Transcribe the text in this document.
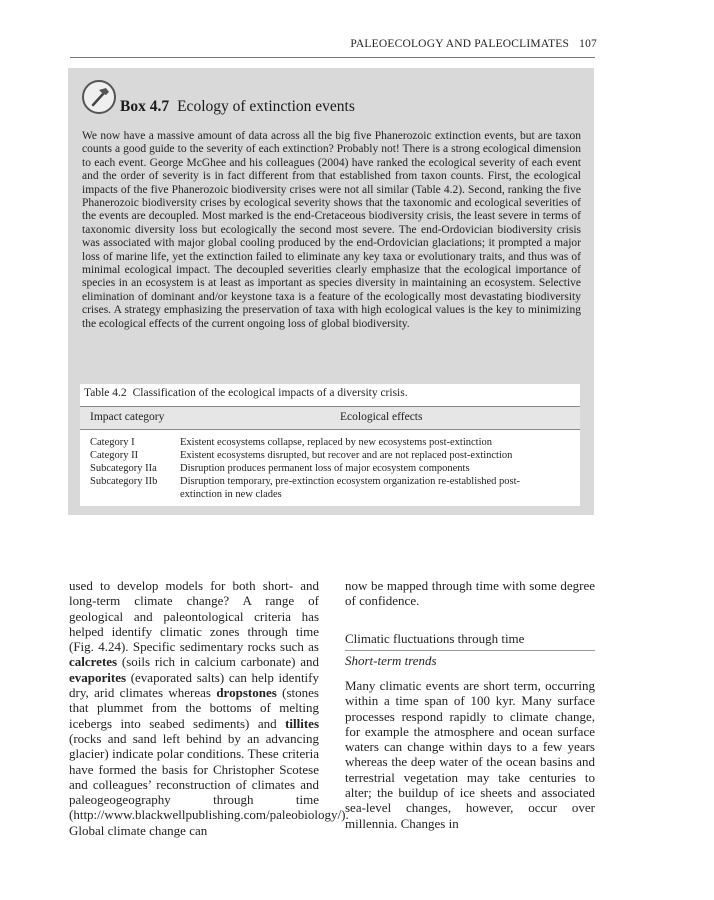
PALEOECOLOGY AND PALEOCLIMATES 107
Box 4.7 Ecology of extinction events

We now have a massive amount of data across all the big five Phanerozoic extinction events, but are taxon counts a good guide to the severity of each extinction? Probably not! There is a strong ecological dimension to each event. George McGhee and his colleagues (2004) have ranked the ecological severity of each event and the order of severity is in fact different from that established from taxon counts. First, the ecological impacts of the five Phanerozoic biodiversity crises were not all similar (Table 4.2). Second, ranking the five Phanerozoic biodiversity crises by ecological severity shows that the taxonomic and ecological severities of the events are decoupled. Most marked is the end-Cretaceous biodiversity crisis, the least severe in terms of taxonomic diversity loss but ecologically the second most severe. The end-Ordovician biodiversity crisis was associated with major global cooling produced by the end-Ordovician glaciations; it prompted a major loss of marine life, yet the extinction failed to eliminate any key taxa or evolutionary traits, and thus was of minimal ecological impact. The decoupled severities clearly emphasize that the ecological importance of species in an ecosystem is at least as important as species diversity in maintaining an ecosystem. Selective elimination of dominant and/or keystone taxa is a feature of the ecologically most devastating biodiversity crises. A strategy emphasizing the preservation of taxa with high ecological values is the key to minimizing the ecological effects of the current ongoing loss of global biodiversity.

Table 4.2 Classification of the ecological impacts of a diversity crisis.
Impact category	Ecological effects
Category I	Existent ecosystems collapse, replaced by new ecosystems post-extinction
Category II	Existent ecosystems disrupted, but recover and are not replaced post-extinction
Subcategory IIa Disruption produces permanent loss of major ecosystem components
Subcategory IIb Disruption temporary, pre-extinction ecosystem organization re-established post-extinction in new clades

used to develop models for both short- and long-term climate change? A range of geological and paleontological criteria has helped identify climatic zones through time (Fig. 4.24). Specific sedimentary rocks such as calcretes (soils rich in calcium carbonate) and evaporites (evaporated salts) can help identify dry, arid climates whereas dropstones (stones that plummet from the bottoms of melting icebergs into seabed sediments) and tillites (rocks and sand left behind by an advancing glacier) indicate polar conditions. These criteria have formed the basis for Christopher Scotese and colleagues’ reconstruction of climates and paleogeogeography through time (http://www.blackwellpublishing.com/paleobiology/). Global climate change can

now be mapped through time with some degree of confidence.

Climatic fluctuations through time
Short-term trends

Many climatic events are short term, occurring within a time span of 100 kyr. Many surface processes respond rapidly to climate change, for example the atmosphere and ocean surface waters can change within days to a few years whereas the deep water of the ocean basins and terrestrial vegetation may take centuries to alter; the buildup of ice sheets and associated sea-level changes, however, occur over millennia. Changes in
